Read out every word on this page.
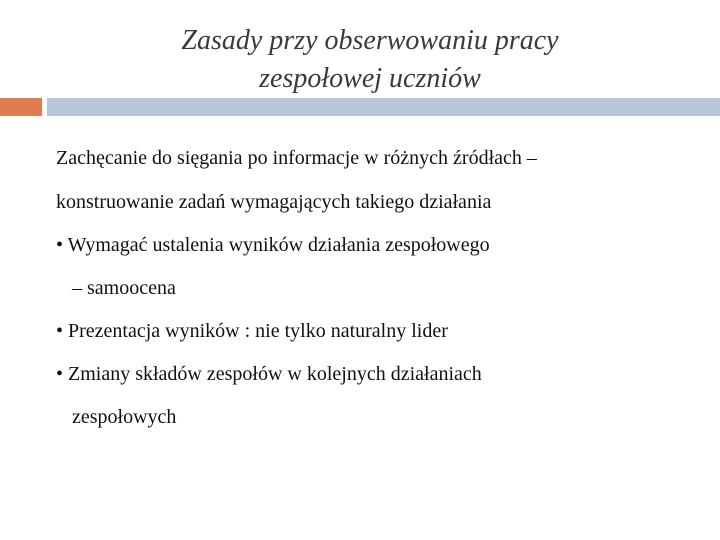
Zasady przy obserwowaniu pracy
zespołowej uczniów
Zachęcanie do sięgania po informacje w różnych źródłach –
konstruowanie zadań wymagających takiego działania
• Wymagać ustalenia wyników działania zespołowego
– samoocena
• Prezentacja wyników : nie tylko naturalny lider
• Zmiany składów zespołów w kolejnych działaniach
zespołowych
